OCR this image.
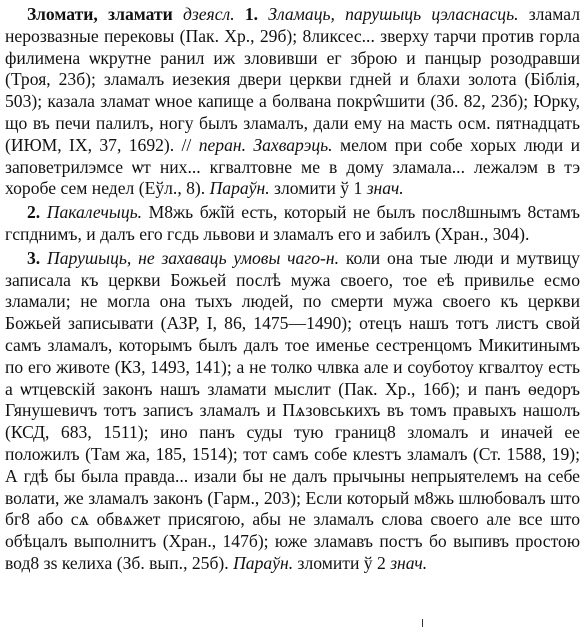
Зломати, зламати дзеясл. 1. Зламаць, парушыць цэласнасць. зламал нерозвазные перековы (Пак. Хр., 29б); 8ликсес... зверху тарчи против горла филимена ѡкрутне ранил иж зловивши ег зброю и панцыр розодравши (Троя, 23б); зламалъ иезекия двери церкви гдней и блахи золота (Біблія, 503); казала зламат ѡное капище а болвана покрŵшити (Зб. 82, 23б); Юрку, що въ печи палилъ, ногу былъ зламалъ, дали ему на масть осм. пятнадцать (ИЮМ, IX, 37, 1692). // перан. Захварэць. мелом при собе хорых люди и заповетрилэмсе ѡт них... кгвалтовне ме в дому зламала... лежалэм в тэ хоробе сем недел (Еўл., 8). Параўн. зломити ў 1 знач.

2. Пакалечыць. М8жь бж̃ій есть, который не былъ посл8шнымъ 8стамъ гспднимъ, и далъ его гсдь львови и зламалъ его и забилъ (Хран., 304).

3. Парушыць, не захаваць умовы чаго-н. коли она тые люди и мутвицу записала къ церкви Божьей послѣ мужа своего, тое еѣ привилье есмо зламали; не могла она тыхъ людей, по смерти мужа своего къ церкви Божьей записывати (АЗР, I, 86, 1475—1490); отецъ нашъ тотъ листъ свой самъ зламалъ, которымъ былъ далъ тое именье сестренцомъ Микитинымъ по его животе (КЗ, 1493, 141); а не толко члвка але и соуботоу кгвалтоу есть а ѡтцевскій законъ нашъ зламати мыслит (Пак. Хр., 16б); и панъ ѳедоръ Гянушевичъ тотъ записъ зламалъ и Пѧзовськихъ въ томъ правыхъ нашолъ (КСД, 683, 1511); ино панъ суды тую границ8 зломалъ и иначей ее положилъ (Там жа, 185, 1514); тот самъ собе клеѕтъ зламалъ (Ст. 1588, 19); А гдѣ бы была правда... изали бы не далъ прычыны непрыятелемъ на себе волати, же зламалъ законъ (Гарм., 203); Если который м8жь шлюбовалъ што бг8 або сѧ обвѧжет присягою, абы не зламалъ слова своего але все што обѣцалъ выполнитъ (Хран., 147б); юже зламавъ постъ бо выпивъ простою вод8 зѕ келиха (Зб. вып., 25б). Параўн. зломити ў 2 знач.
